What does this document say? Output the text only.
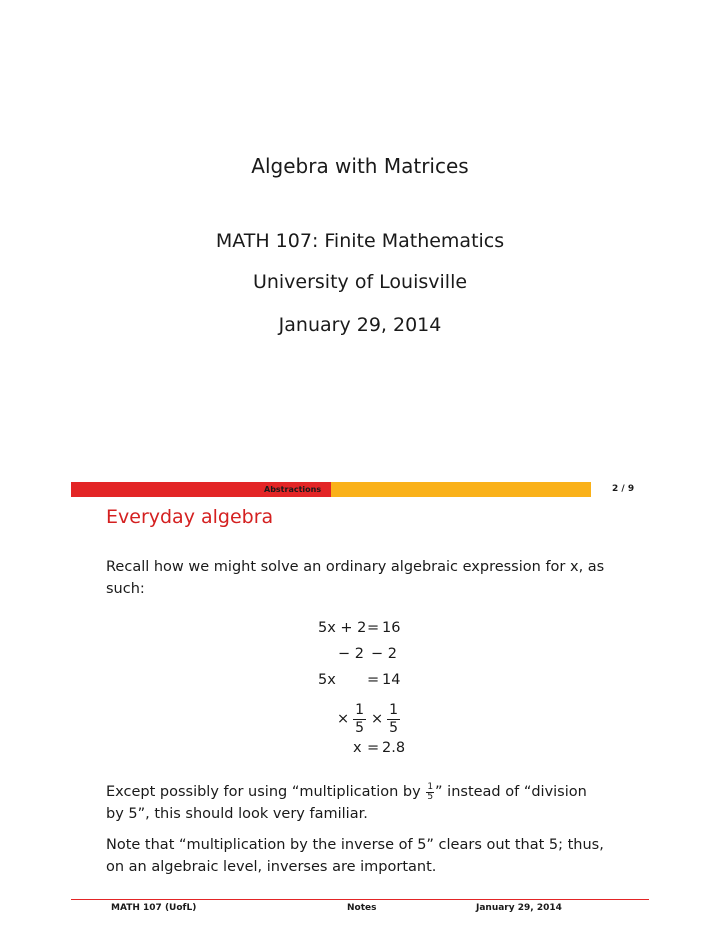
Algebra with Matrices
MATH 107: Finite Mathematics
University of Louisville
January 29, 2014
Abstractions	2 / 9
Everyday algebra
Recall how we might solve an ordinary algebraic expression for x, as such:
5x + 2 = 16
− 2 − 2
5x = 14
× $\frac{1}{5} \times \frac{1}{5}$
x = 2.8
Except possibly for using “multiplication by $\frac{1}{5}$ ” instead of “division by 5”, this should look very familiar.
Note that “multiplication by the inverse of 5” clears out that 5; thus, on an algebraic level, inverses are important.
MATH 107 (UofL)	Notes	January 29, 2014
